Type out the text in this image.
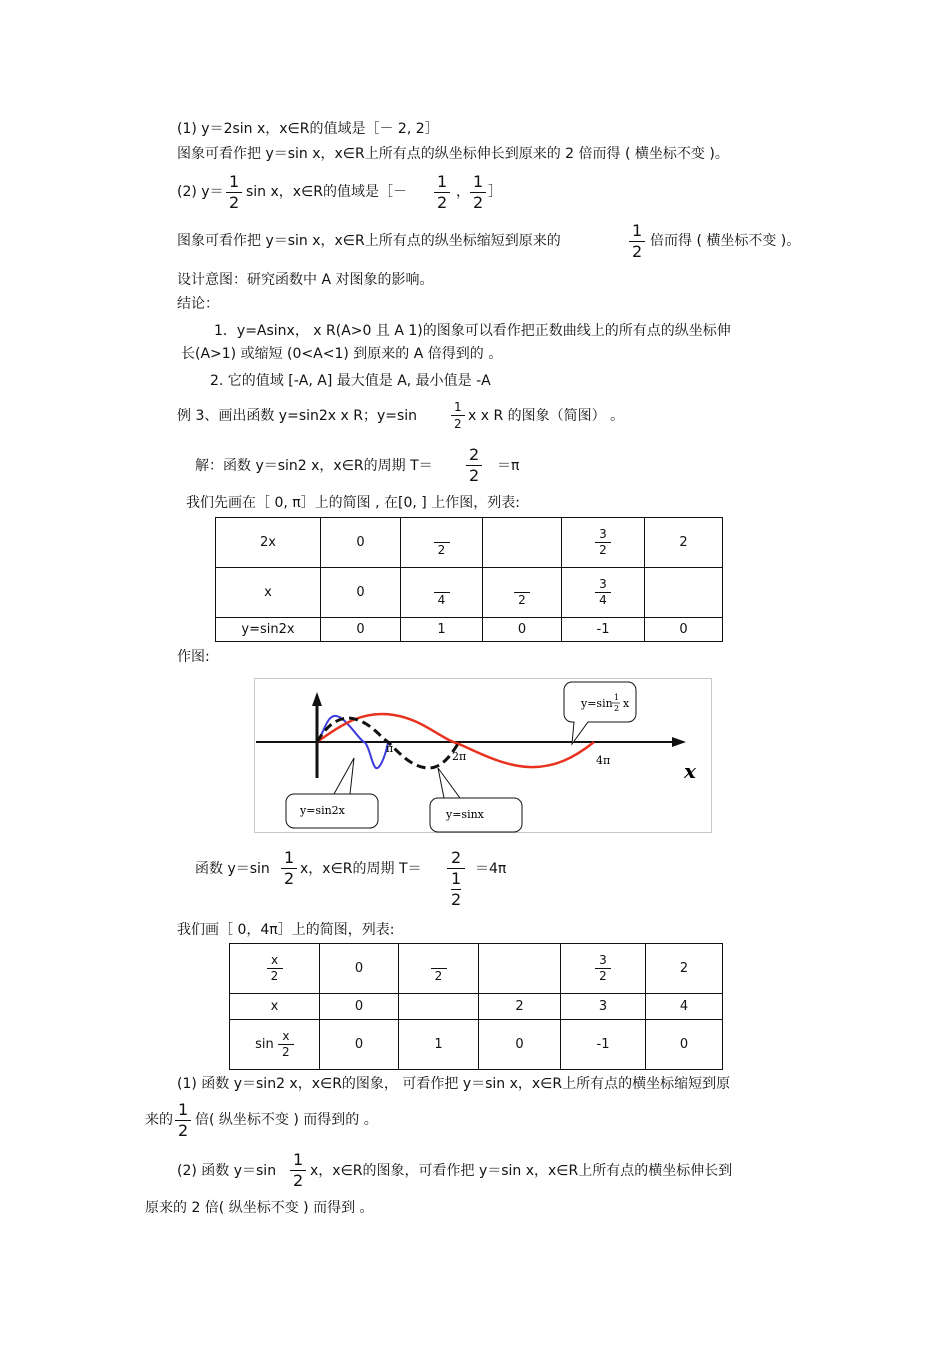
(1) y＝2sin x，x∈R的值域是［－ 2, 2］
图象可看作把 y＝sin x，x∈R上所有点的纵坐标伸长到原来的 2 倍而得 ( 横坐标不变 )。
(2) $y= \frac{1}{2}$ sin x，x∈R的值域是［－ $\frac{1}{2}$ ， $\frac{1}{2}$ ］
图象可看作把 y＝sin x，x∈R上所有点的纵坐标缩短到原来的	$\frac{1}{2}$ 倍而得 ( 横坐标不变 )。
设计意图：研究函数中 A 对图象的影响。
结论：
1．y=Asinx， x R(A>0 且 A 1)的图象可以看作把正数曲线上的所有点的纵坐标伸
长(A>1) 或缩短 (0<A<1) 到原来的 A 倍得到的 。
2. 它的值域 [-A, A] 最大值是 A, 最小值是 -A
例 3、画出函数 y=sin2x x R；y=sin	$\frac{1}{2}$ x x R 的图象（简图） 。
解：函数 y＝sin2 x，x∈R的周期 $T= \frac{2}{2} =\pi$
我们先画在［ 0, π］上的简图 , 在[0, ] 上作图，列表:
2x	0	2		$\frac{3}{2}$	2
x	0	4	2	$\frac{3}{4}$

y=sin2x	0	1	0	-1	0
作图:
π
2π	4π	x
y=sin 1
2 x
y=sin2x	y=sinx
函数 $y=\sin \frac{1}{2}$ x，x∈R的周期 T＝ 2
1
2 ＝4π
我们画［ 0，4π］上的简图，列表:
$\frac{x}{2}$	0	2		$\frac{3}{2}$	2
x	0		2	3	4
$\sin \frac{x}{2}$	0	1	0	-1	0
(1) 函数 y＝sin2 x，x∈R的图象， 可看作把 y＝sin x，x∈R上所有点的横坐标缩短到原
来的 $\frac{1}{2}$ 倍( 纵坐标不变 ) 而得到的 。
(2) 函数 $y=\sin \frac{1}{2}$ x，x∈R的图象，可看作把 y＝sin x，x∈R上所有点的横坐标伸长到
原来的 2 倍( 纵坐标不变 ) 而得到 。
